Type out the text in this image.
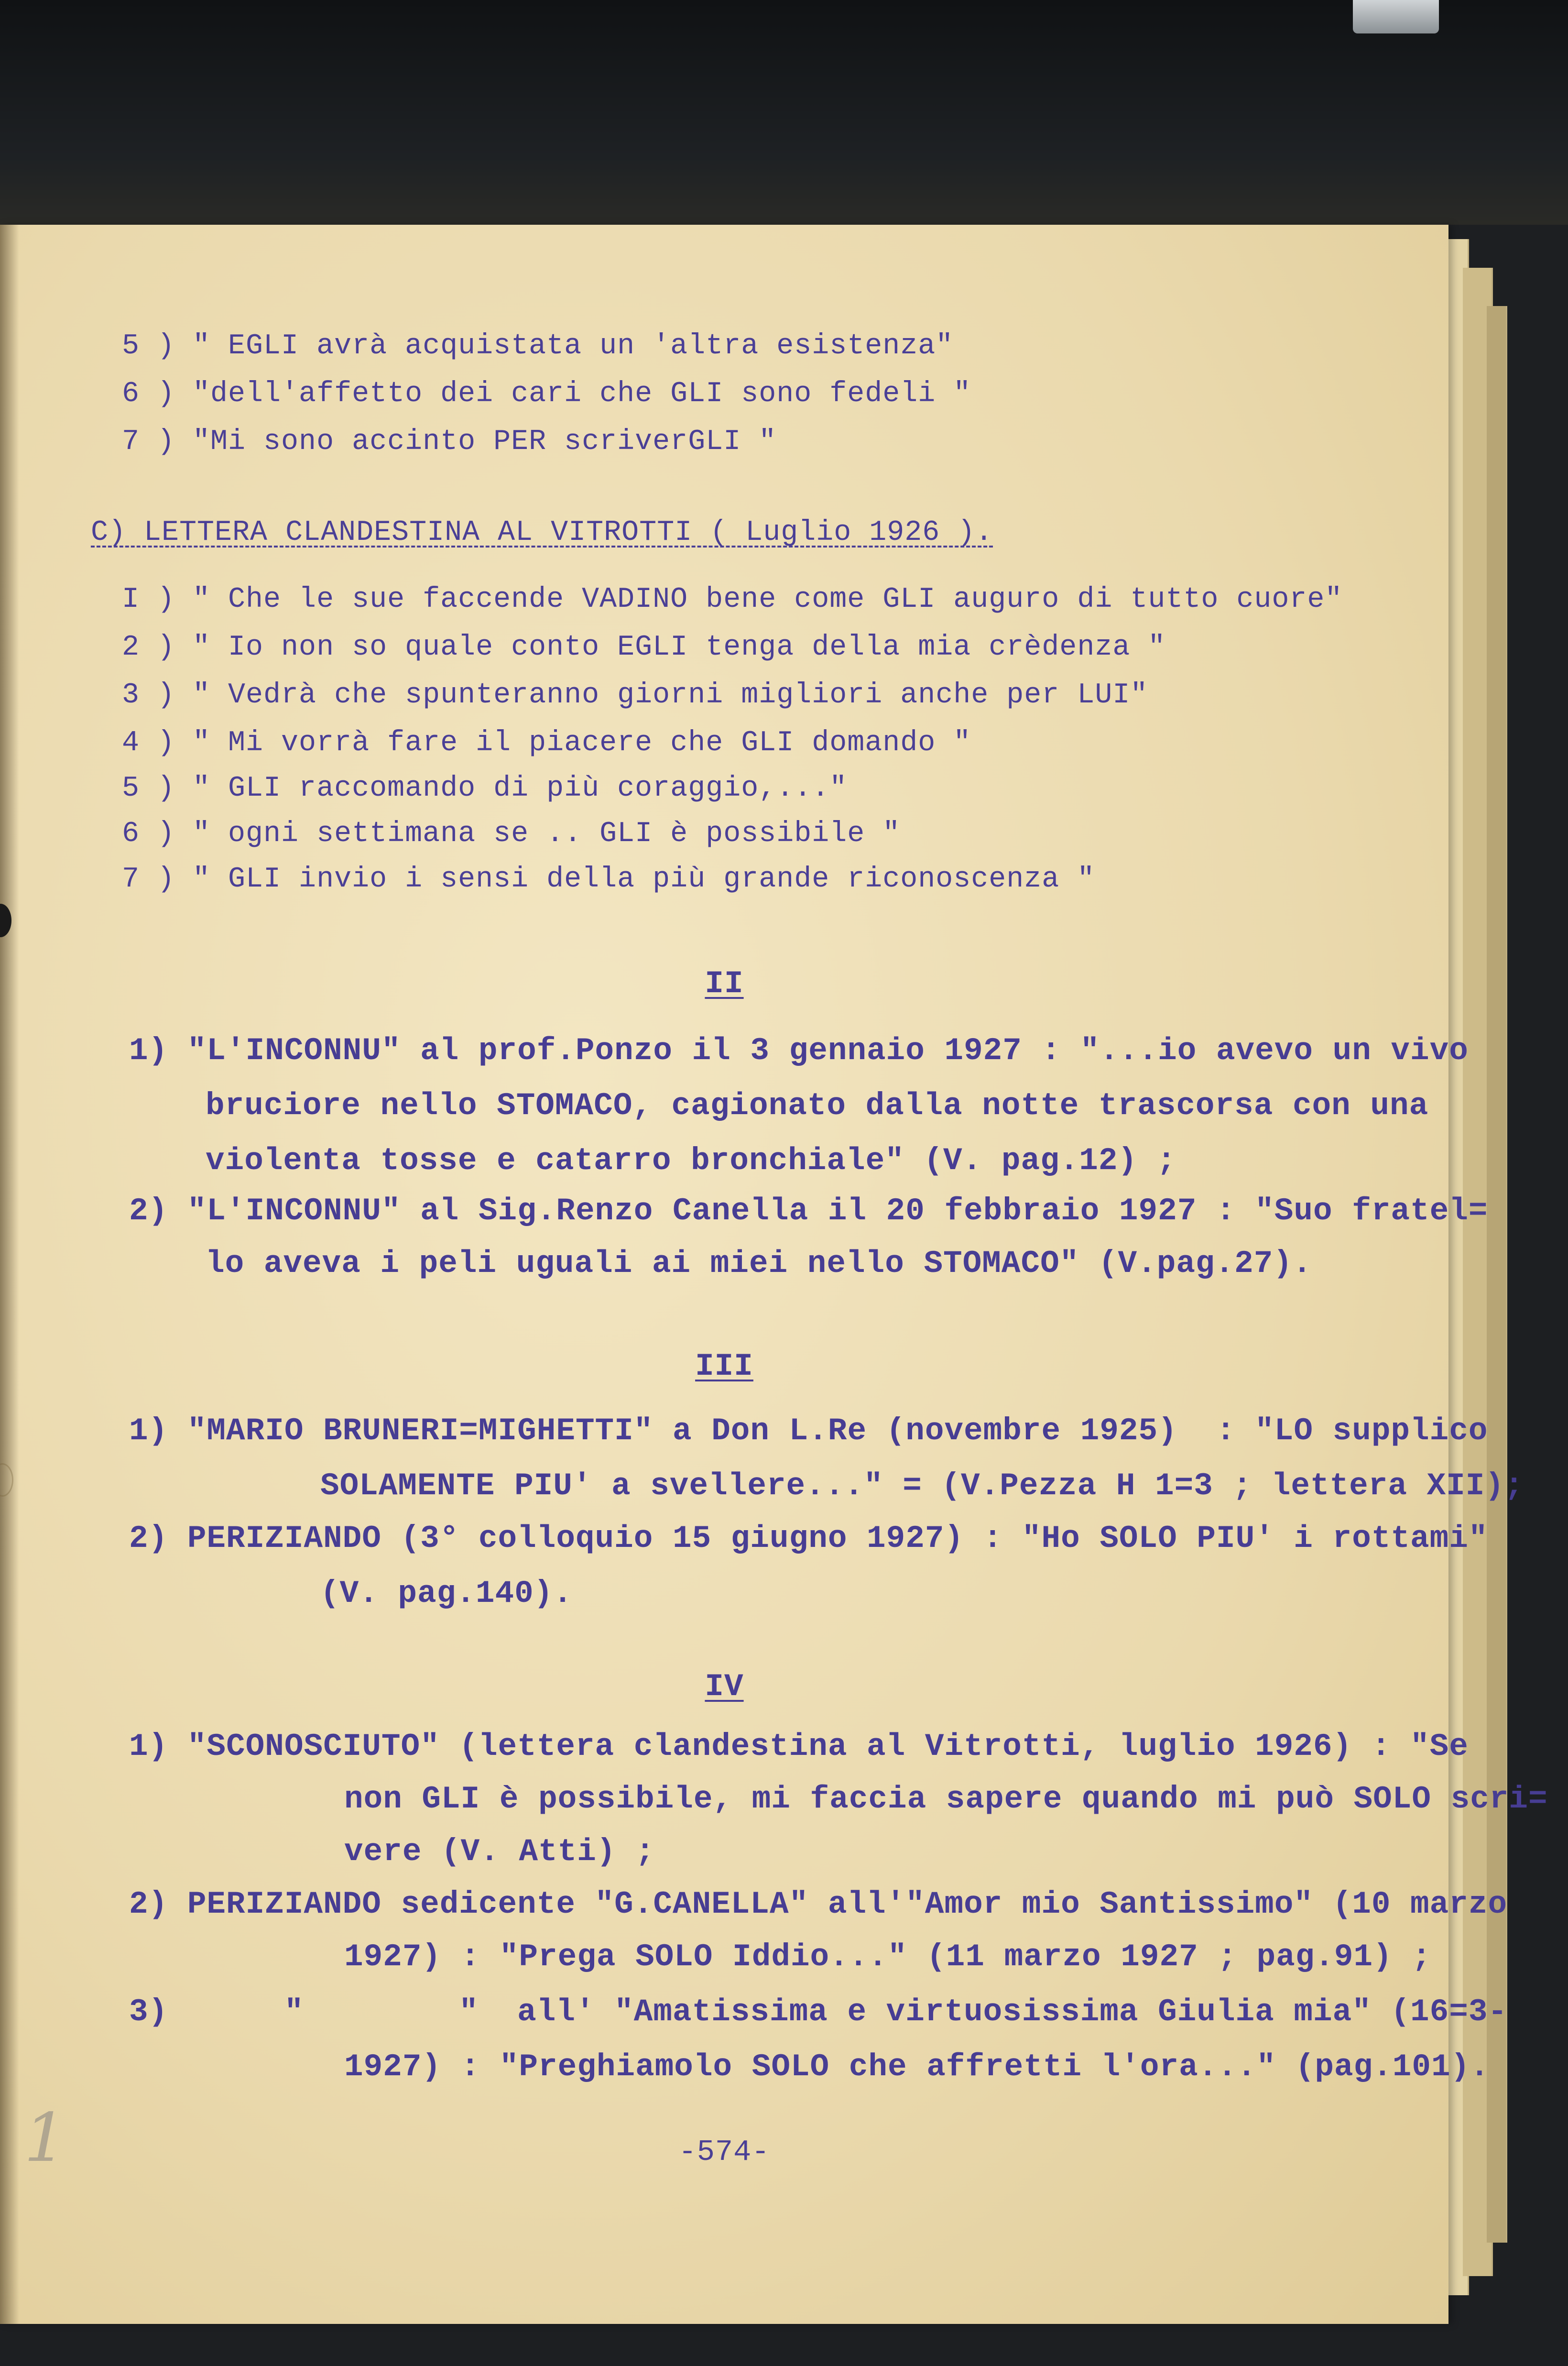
5 ) " EGLI avrà acquistata un 'altra esistenza"
6 ) "dell'affetto dei cari che GLI sono fedeli "
7 ) "Mi sono accinto PER scriverGLI "
C) LETTERA CLANDESTINA AL VITROTTI ( Luglio 1926 ).
I ) " Che le sue faccende VADINO bene come GLI auguro di tutto cuore"
2 ) " Io non so quale conto EGLI tenga della mia crèdenza "
3 ) " Vedrà che spunteranno giorni migliori anche per LUI"
4 ) " Mi vorrà fare il piacere che GLI domando "
5 ) " GLI raccomando di più coraggio,..."
6 ) " ogni settimana se .. GLI è possibile "
7 ) " GLI invio i sensi della più grande riconoscenza "
II
1) "L'INCONNU" al prof.Ponzo il 3 gennaio 1927 : "...io avevo un vivo
bruciore nello STOMACO, cagionato dalla notte trascorsa con una
violenta tosse e catarro bronchiale" (V. pag.12) ;
2) "L'INCONNU" al Sig.Renzo Canella il 20 febbraio 1927 : "Suo fratel=
lo aveva i peli uguali ai miei nello STOMACO" (V.pag.27).
III
1) "MARIO BRUNERI=MIGHETTI" a Don L.Re (novembre 1925)  : "LO supplico
SOLAMENTE PIU' a svellere..." = (V.Pezza H 1=3 ; lettera XII);
2) PERIZIANDO (3° colloquio 15 giugno 1927) : "Ho SOLO PIU' i rottami"
(V. pag.140).
IV
1) "SCONOSCIUTO" (lettera clandestina al Vitrotti, luglio 1926) : "Se
non GLI è possibile, mi faccia sapere quando mi può SOLO scri=
vere (V. Atti) ;
2) PERIZIANDO sedicente "G.CANELLA" all'"Amor mio Santissimo" (10 marzo
1927) : "Prega SOLO Iddio..." (11 marzo 1927 ; pag.91) ;
3)      "        "  all' "Amatissima e virtuosissima Giulia mia" (16=3-
1927) : "Preghiamolo SOLO che affretti l'ora..." (pag.101).
-574-
1
